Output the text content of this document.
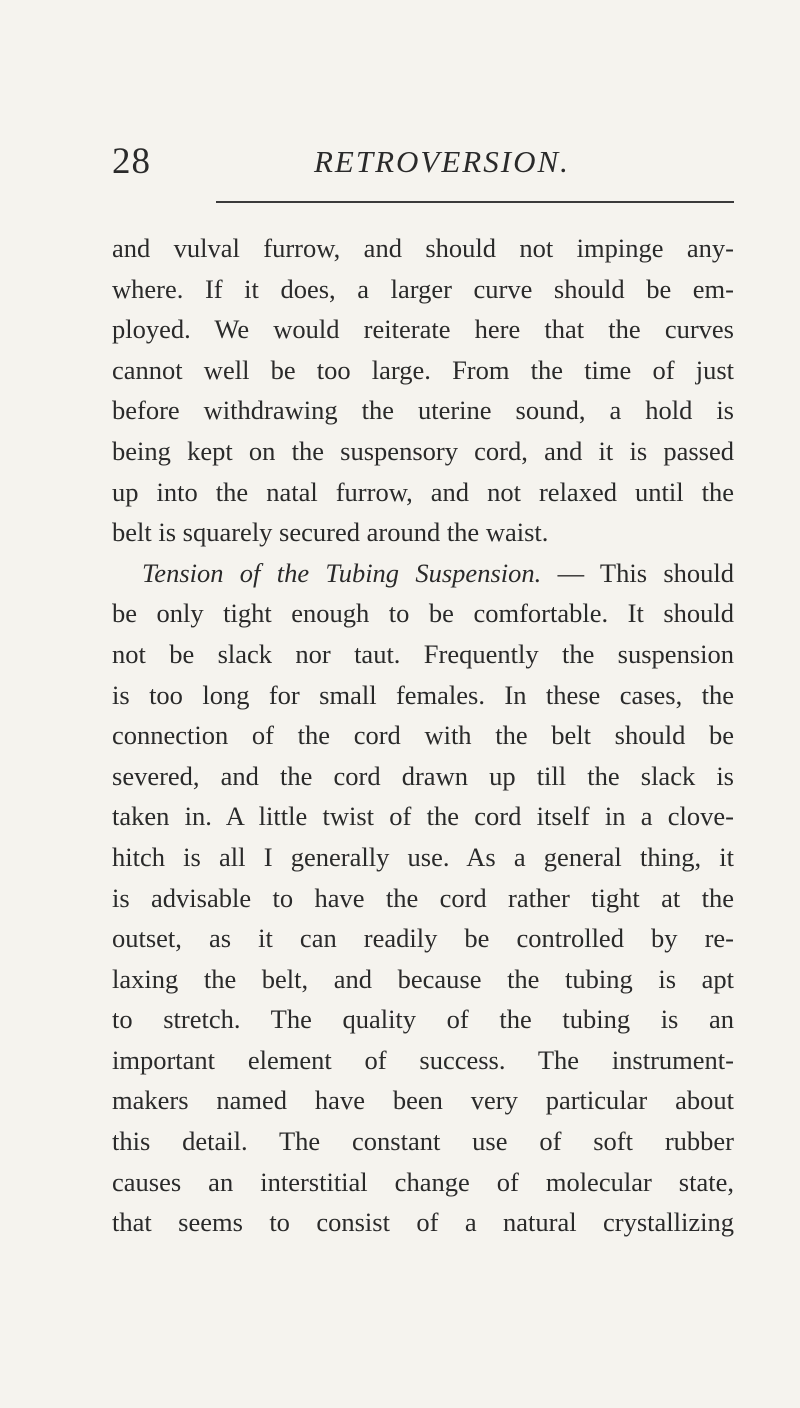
28	RETROVERSION.
and vulval furrow, and should not impinge any-
where. If it does, a larger curve should be em-
ployed. We would reiterate here that the curves
cannot well be too large. From the time of just
before withdrawing the uterine sound, a hold is
being kept on the suspensory cord, and it is passed
up into the natal furrow, and not relaxed until the
belt is squarely secured around the waist.
Tension of the Tubing Suspension. — This should
be only tight enough to be comfortable. It should
not be slack nor taut. Frequently the suspension
is too long for small females. In these cases, the
connection of the cord with the belt should be
severed, and the cord drawn up till the slack is
taken in. A little twist of the cord itself in a clove-
hitch is all I generally use. As a general thing, it
is advisable to have the cord rather tight at the
outset, as it can readily be controlled by re-
laxing the belt, and because the tubing is apt
to stretch. The quality of the tubing is an
important element of success. The instrument-
makers named have been very particular about
this detail. The constant use of soft rubber
causes an interstitial change of molecular state,
that seems to consist of a natural crystallizing
